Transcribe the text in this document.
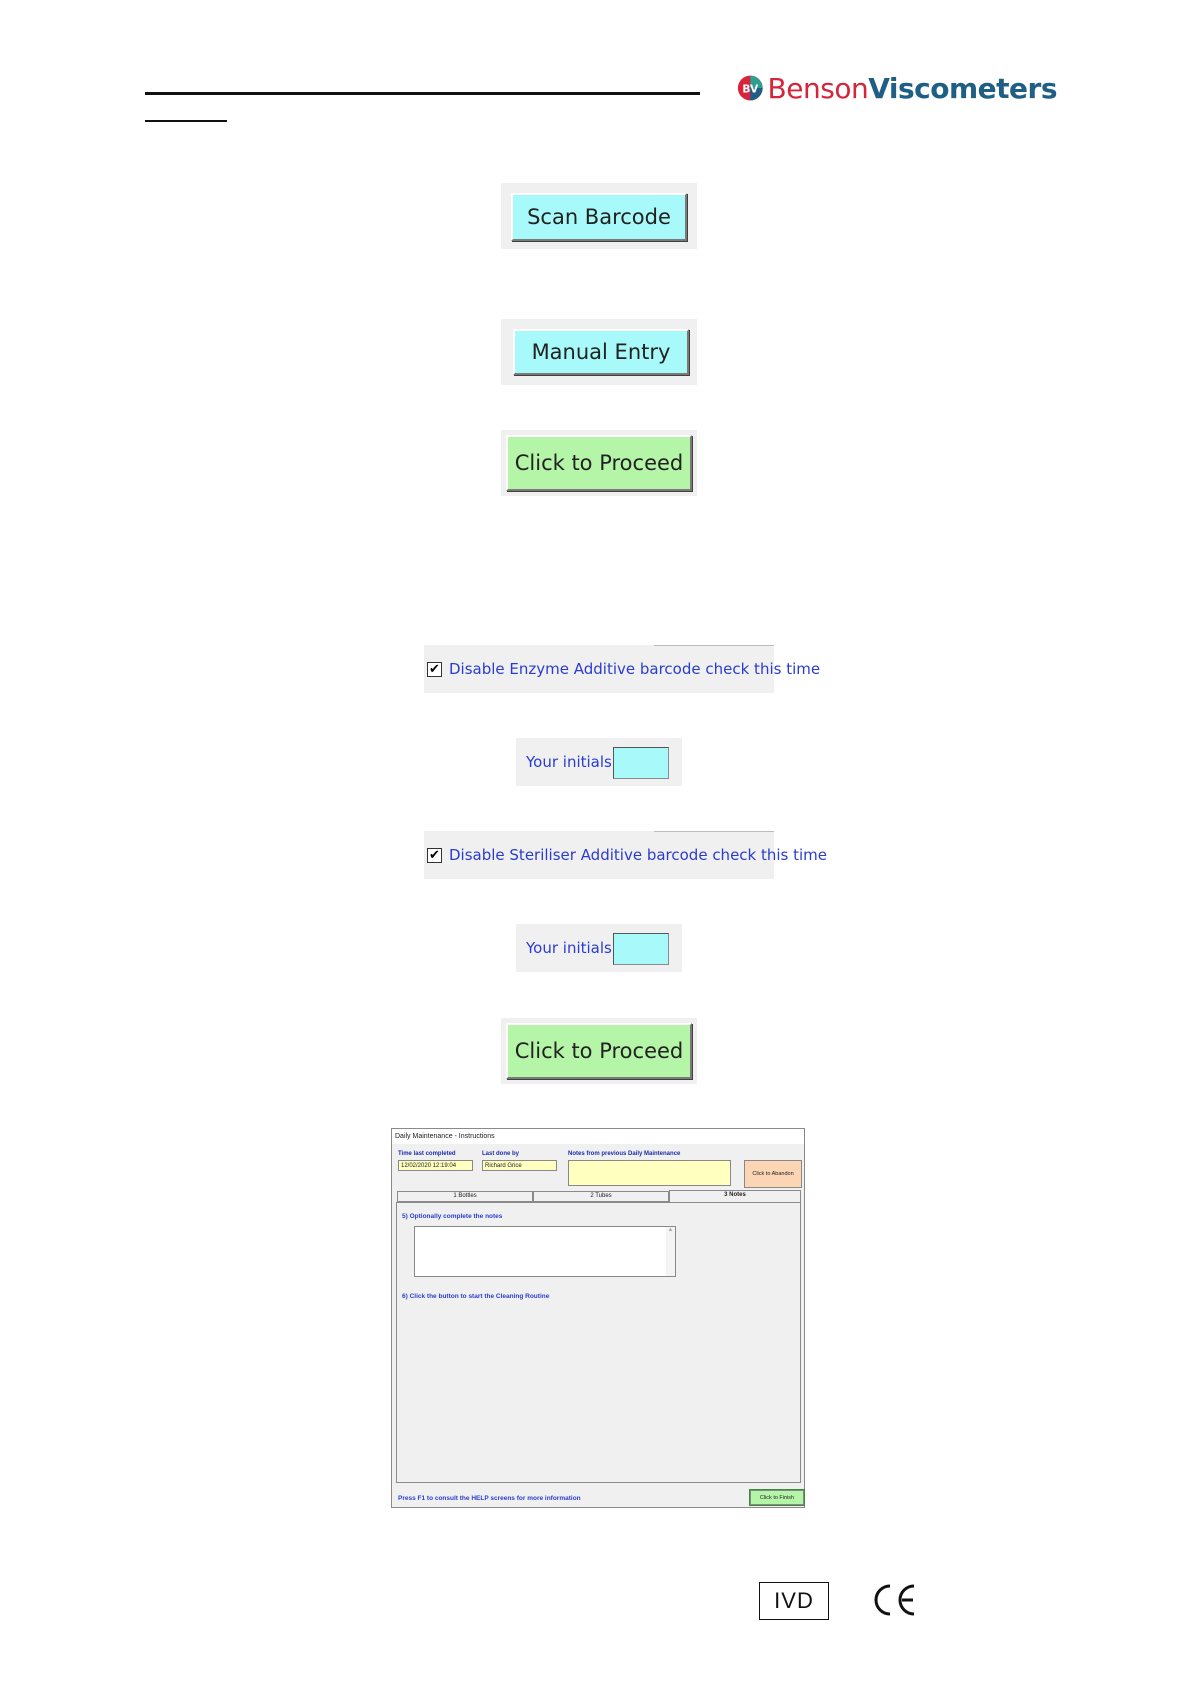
BV BensonViscometers
Scan Barcode
Manual Entry
Click to Proceed
✔ Disable Enzyme Additive barcode check this time
Your initials
✔ Disable Steriliser Additive barcode check this time
Your initials
Click to Proceed
Daily Maintenance - Instructions
Time last completed
12/02/2020 12:19:04
Last done by
Richard Grice
Notes from previous Daily Maintenance
Click to Abandon
1 Bottles	2 Tubes	3 Notes
5) Optionally complete the notes
▲
6) Click the button to start the Cleaning Routine
Press F1 to consult the HELP screens for more information	Click to Finish
IVD
